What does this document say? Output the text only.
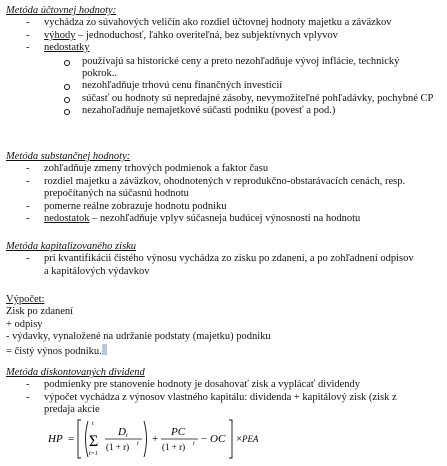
Metóda účtovnej hodnoty:
- vychádza zo súvahových veličín ako rozdiel účtovnej hodnoty majetku a záväzkov
- výhody – jednoduchosť, ľahko overiteľná, bez subjektívnych vplyvov
- nedostatky
používajú sa historické ceny a preto nezohľadňuje vývoj inflácie, technický pokrok..
nezohľadňuje trhovú cenu finančných investícií
súčasť ou hodnoty sú nepredajné zásoby, nevymožiteľné pohľadávky, pochybné CP
nezahoľadňuje nemajetkové súčasti podniku (povesť a pod.)
Metóda substančnej hodnoty:
- zohľadňuje zmeny trhových podmienok a faktor času
- rozdiel majetku a záväzkov, ohodnotených v reprodukčno-obstarávacích cenách, resp. prepočítaných na súčasnú hodnotu
- pomerne reálne zobrazuje hodnotu podniku
- nedostatok – nezohľadňuje vplyv súčasneja budúcej výnosnosti na hodnotu
Metóda kapitalizovaného zisku
- pri kvantifikácii čistého výnosu vychádza zo zisku po zdanení, a po zohľadnení odpisov a kapitálových výdavkov
Výpočet:
Zisk po zdanení
+ odpisy
- výdavky, vynaložené na udržanie podstaty (majetku) podniku
= čistý výnos podniku.
Metóda diskontovaných dividend
- podmienky pre stanovenie hodnoty je dosahovať zisk a vyplácať dividendy
- výpočet vychádza z výnosov vlastného kapitálu: dividenda + kapitálový zisk (zisk z predaja akcie
HP =
t
Σ
t=1
D t
(1 + r) t +
PC
(1 + r) t − OC × PEA
